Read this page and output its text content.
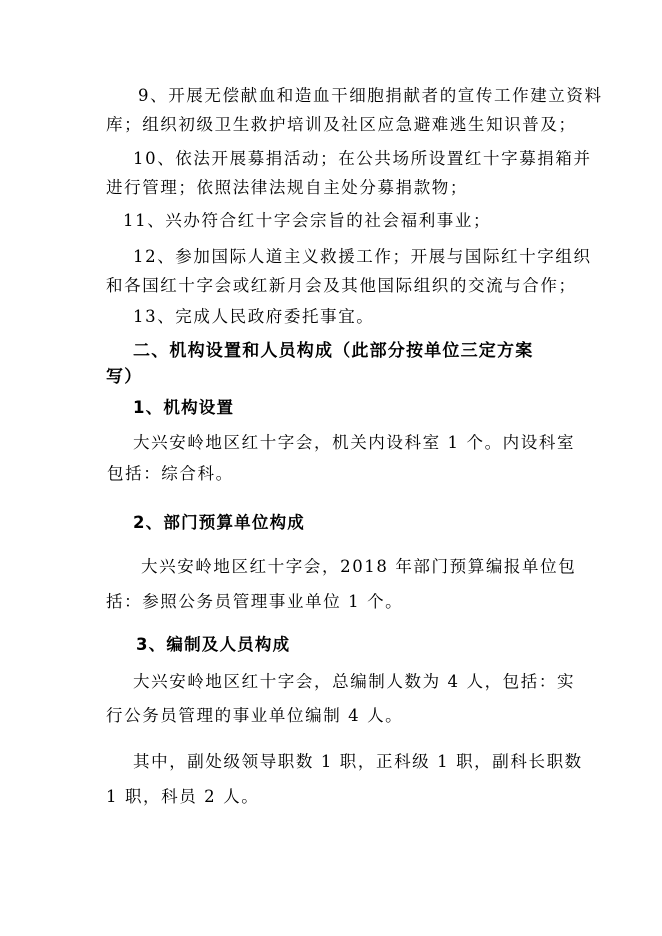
9、开展无偿献血和造血干细胞捐献者的宣传工作建立资料
库；组织初级卫生救护培训及社区应急避难逃生知识普及；
10、依法开展募捐活动；在公共场所设置红十字募捐箱并
进行管理；依照法律法规自主处分募捐款物；
11、兴办符合红十字会宗旨的社会福利事业；
12、参加国际人道主义救援工作；开展与国际红十字组织
和各国红十字会或红新月会及其他国际组织的交流与合作；
13、完成人民政府委托事宜。
二、机构设置和人员构成（此部分按单位三定方案
写）
1、机构设置
大兴安岭地区红十字会，机关内设科室 1 个。内设科室
包括：综合科。
2、部门预算单位构成
大兴安岭地区红十字会，2018 年部门预算编报单位包
括：参照公务员管理事业单位 1 个。
3、编制及人员构成
大兴安岭地区红十字会，总编制人数为 4 人，包括：实
行公务员管理的事业单位编制 4 人。
其中，副处级领导职数 1 职，正科级 1 职，副科长职数
1 职，科员 2 人。
